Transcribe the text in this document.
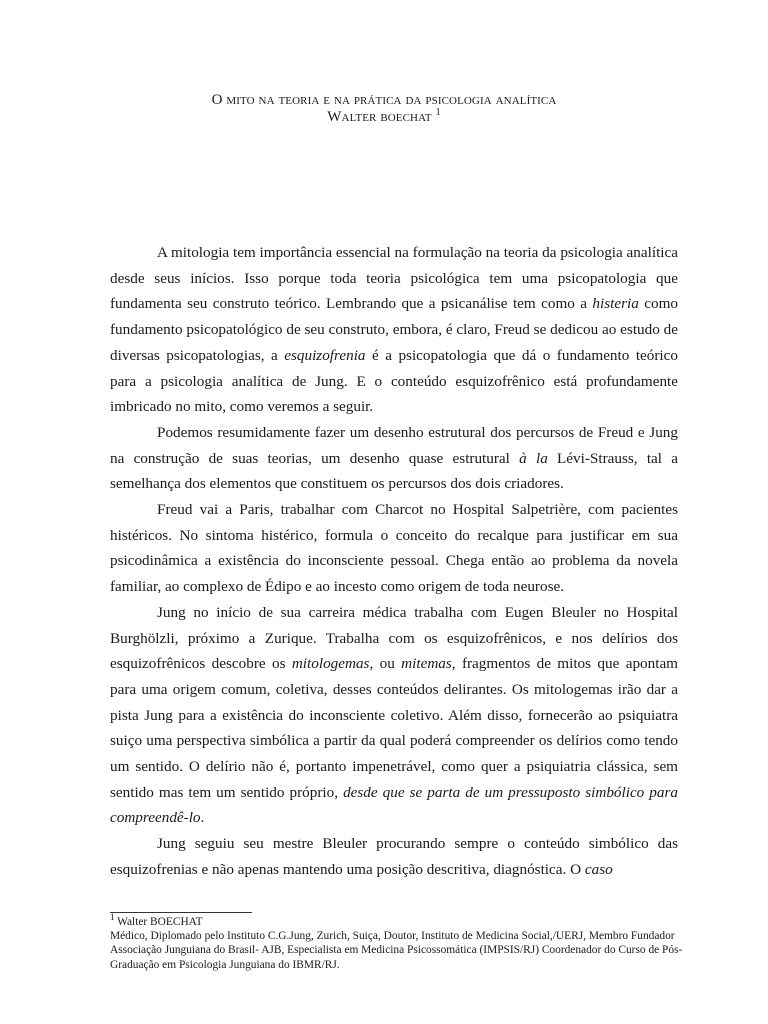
O mito na teoria e na prática da psicologia analítica
Walter boechat $^1$

A mitologia tem importância essencial na formulação na teoria da psicologia analítica desde seus inícios. Isso porque toda teoria psicológica tem uma psicopatologia que fundamenta seu construto teórico. Lembrando que a psicanálise tem como a histeria como fundamento psicopatológico de seu construto, embora, é claro, Freud se dedicou ao estudo de diversas psicopatologias, a esquizofrenia é a psicopatologia que dá o fundamento teórico para a psicologia analítica de Jung. E o conteúdo esquizofrênico está profundamente imbricado no mito, como veremos a seguir.

Podemos resumidamente fazer um desenho estrutural dos percursos de Freud e Jung na construção de suas teorias, um desenho quase estrutural à la Lévi-Strauss, tal a semelhança dos elementos que constituem os percursos dos dois criadores.

Freud vai a Paris, trabalhar com Charcot no Hospital Salpetrière, com pacientes histéricos. No sintoma histérico, formula o conceito do recalque para justificar em sua psicodinâmica a existência do inconsciente pessoal. Chega então ao problema da novela familiar, ao complexo de Édipo e ao incesto como origem de toda neurose.

Jung no início de sua carreira médica trabalha com Eugen Bleuler no Hospital Burghölzli, próximo a Zurique. Trabalha com os esquizofrênicos, e nos delírios dos esquizofrênicos descobre os mitologemas, ou mitemas, fragmentos de mitos que apontam para uma origem comum, coletiva, desses conteúdos delirantes. Os mitologemas irão dar a pista Jung para a existência do inconsciente coletivo. Além disso, fornecerão ao psiquiatra suiço uma perspectiva simbólica a partir da qual poderá compreender os delírios como tendo um sentido. O delírio não é, portanto impenetrável, como quer a psiquiatria clássica, sem sentido mas tem um sentido próprio, desde que se parta de um pressuposto simbólico para compreendê-lo.

Jung seguiu seu mestre Bleuler procurando sempre o conteúdo simbólico das esquizofrenias e não apenas mantendo uma posição descritiva, diagnóstica. O caso

$^1$ Walter BOECHAT
Médico, Diplomado pelo Instituto C.G.Jung, Zurich, Suiça, Doutor, Instituto de Medicina Social,/UERJ, Membro Fundador Associação Junguiana do Brasil- AJB, Especialista em Medicina Psicossomática (IMPSIS/RJ) Coordenador do Curso de Pós-Graduação em Psicologia Junguiana do IBMR/RJ.
